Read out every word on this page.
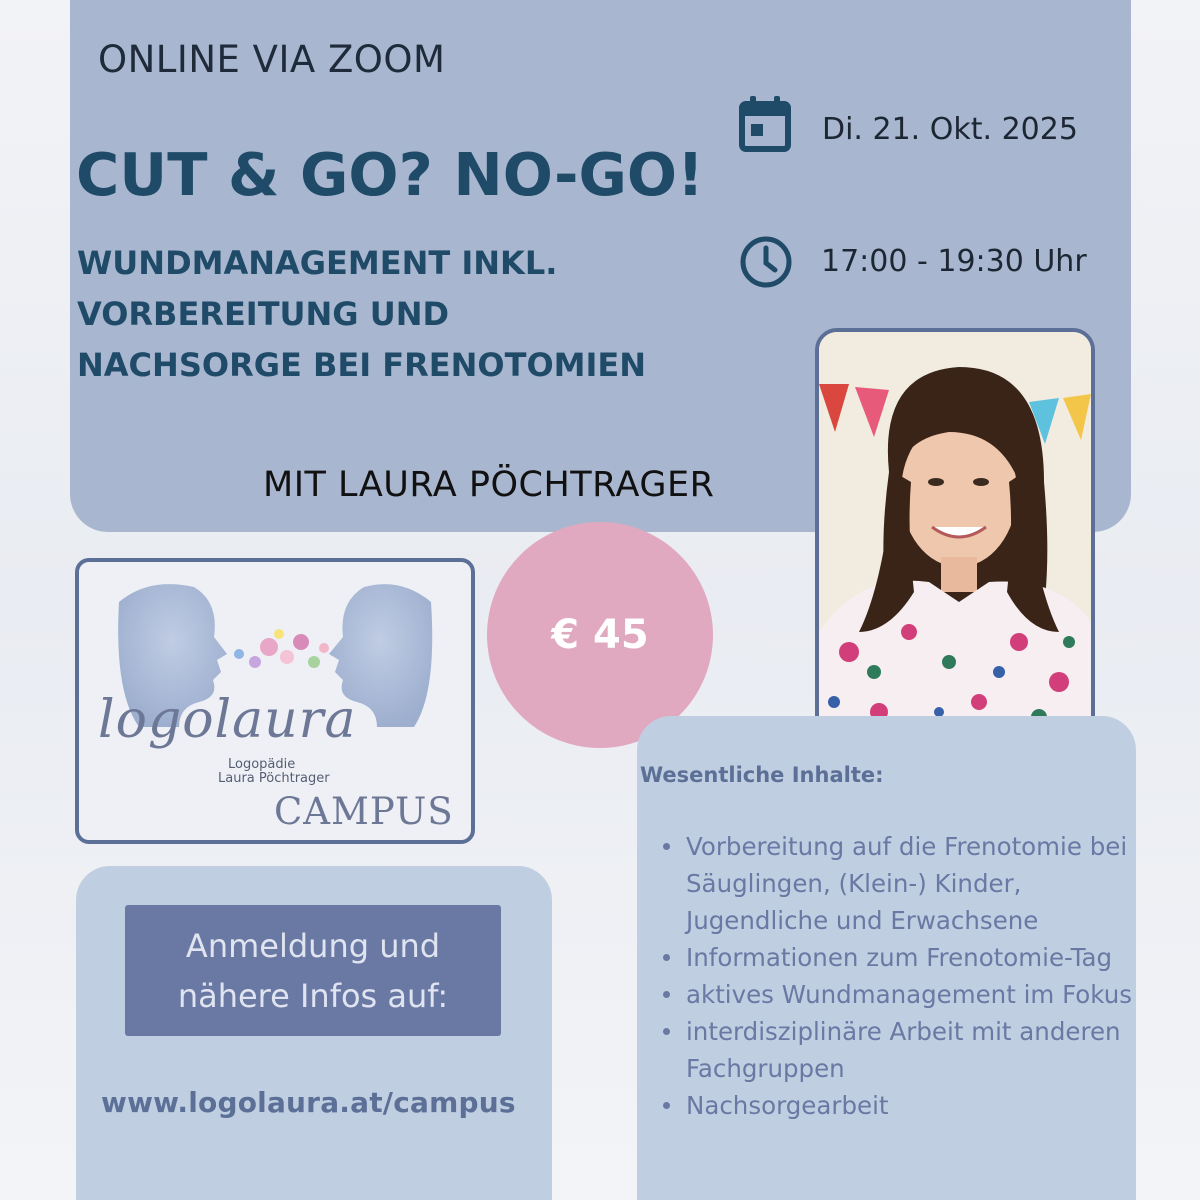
ONLINE VIA ZOOM
CUT & GO? NO-GO!
WUNDMANAGEMENT INKL.
VORBEREITUNG UND
NACHSORGE BEI FRENOTOMIEN
MIT LAURA PÖCHTRAGER
Di. 21. Okt. 2025
17:00 - 19:30 Uhr
€ 45
logolaura
Logopädie
Laura Pöchtrager
CAMPUS
Anmeldung und
nähere Infos auf:
www.logolaura.at/campus
Wesentliche Inhalte:
Vorbereitung auf die Frenotomie bei Säuglingen, (Klein-) Kinder, Jugendliche und Erwachsene
Informationen zum Frenotomie-Tag
aktives Wundmanagement im Fokus
interdisziplinäre Arbeit mit anderen Fachgruppen
Nachsorgearbeit
